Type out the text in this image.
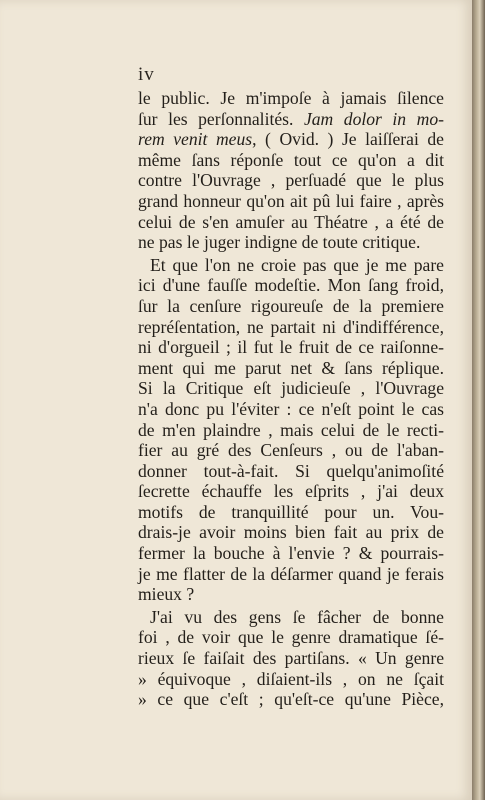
iv

le public. Je m'impoſe à jamais ſilence
ſur les perſonnalités. Jam dolor in mo-
rem venit meus, ( Ovid. ) Je laiſſerai de
même ſans réponſe tout ce qu'on a dit
contre l'Ouvrage , perſuadé que le plus
grand honneur qu'on ait pû lui faire , après
celui de s'en amuſer au Théatre , a été de
ne pas le juger indigne de toute critique.

Et que l'on ne croie pas que je me pare
ici d'une fauſſe modeſtie. Mon ſang froid,
ſur la cenſure rigoureuſe de la premiere
repréſentation, ne partait ni d'indifférence,
ni d'orgueil ; il fut le fruit de ce raiſonne-
ment qui me parut net & ſans réplique.
Si la Critique eſt judicieuſe , l'Ouvrage
n'a donc pu l'éviter : ce n'eſt point le cas
de m'en plaindre , mais celui de le recti-
fier au gré des Cenſeurs , ou de l'aban-
donner tout-à-fait. Si quelqu'animoſité
ſecrette échauffe les eſprits , j'ai deux
motifs de tranquillité pour un. Vou-
drais-je avoir moins bien fait au prix de
fermer la bouche à l'envie ? & pourrais-
je me flatter de la déſarmer quand je ferais
mieux ?

J'ai vu des gens ſe fâcher de bonne
foi , de voir que le genre dramatique ſé-
rieux ſe faiſait des partiſans. « Un genre
» équivoque , diſaient-ils , on ne ſçait
» ce que c'eſt ; qu'eſt-ce qu'une Pièce,
